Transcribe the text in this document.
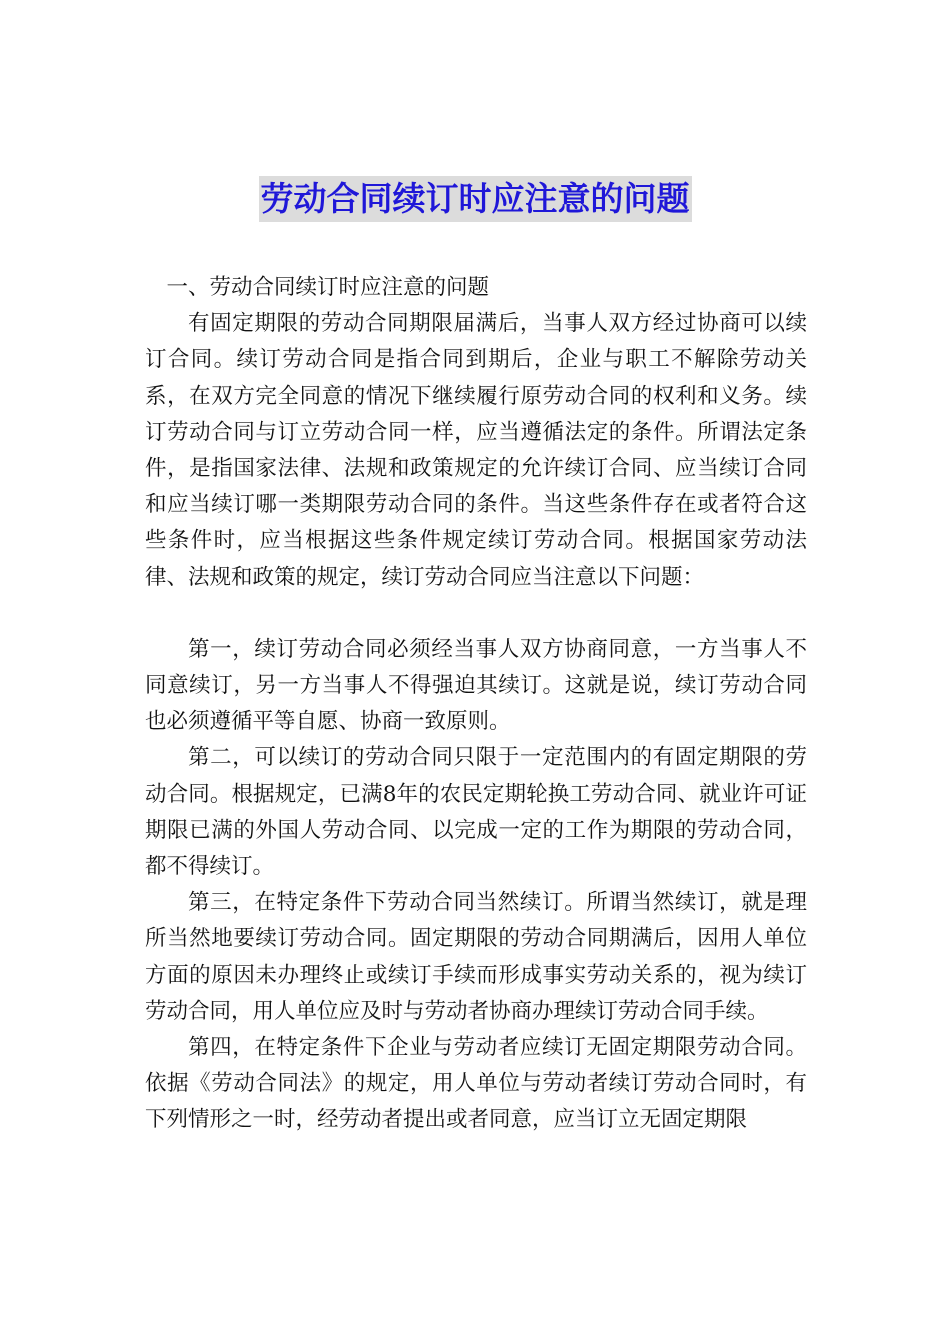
劳动合同续订时应注意的问题

一、劳动合同续订时应注意的问题

有固定期限的劳动合同期限届满后，当事人双方经过协商可以续订合同。续订劳动合同是指合同到期后，企业与职工不解除劳动关系，在双方完全同意的情况下继续履行原劳动合同的权利和义务。续订劳动合同与订立劳动合同一样，应当遵循法定的条件。所谓法定条件，是指国家法律、法规和政策规定的允许续订合同、应当续订合同和应当续订哪一类期限劳动合同的条件。当这些条件存在或者符合这些条件时，应当根据这些条件规定续订劳动合同。根据国家劳动法律、法规和政策的规定，续订劳动合同应当注意以下问题：

第一，续订劳动合同必须经当事人双方协商同意，一方当事人不同意续订，另一方当事人不得强迫其续订。这就是说，续订劳动合同也必须遵循平等自愿、协商一致原则。

第二，可以续订的劳动合同只限于一定范围内的有固定期限的劳动合同。根据规定，已满8年的农民定期轮换工劳动合同、就业许可证期限已满的外国人劳动合同、以完成一定的工作为期限的劳动合同，都不得续订。

第三，在特定条件下劳动合同当然续订。所谓当然续订，就是理所当然地要续订劳动合同。固定期限的劳动合同期满后，因用人单位方面的原因未办理终止或续订手续而形成事实劳动关系的，视为续订劳动合同，用人单位应及时与劳动者协商办理续订劳动合同手续。

第四，在特定条件下企业与劳动者应续订无固定期限劳动合同。依据《劳动合同法》的规定，用人单位与劳动者续订劳动合同时，有下列情形之一时，经劳动者提出或者同意，应当订立无固定期限
